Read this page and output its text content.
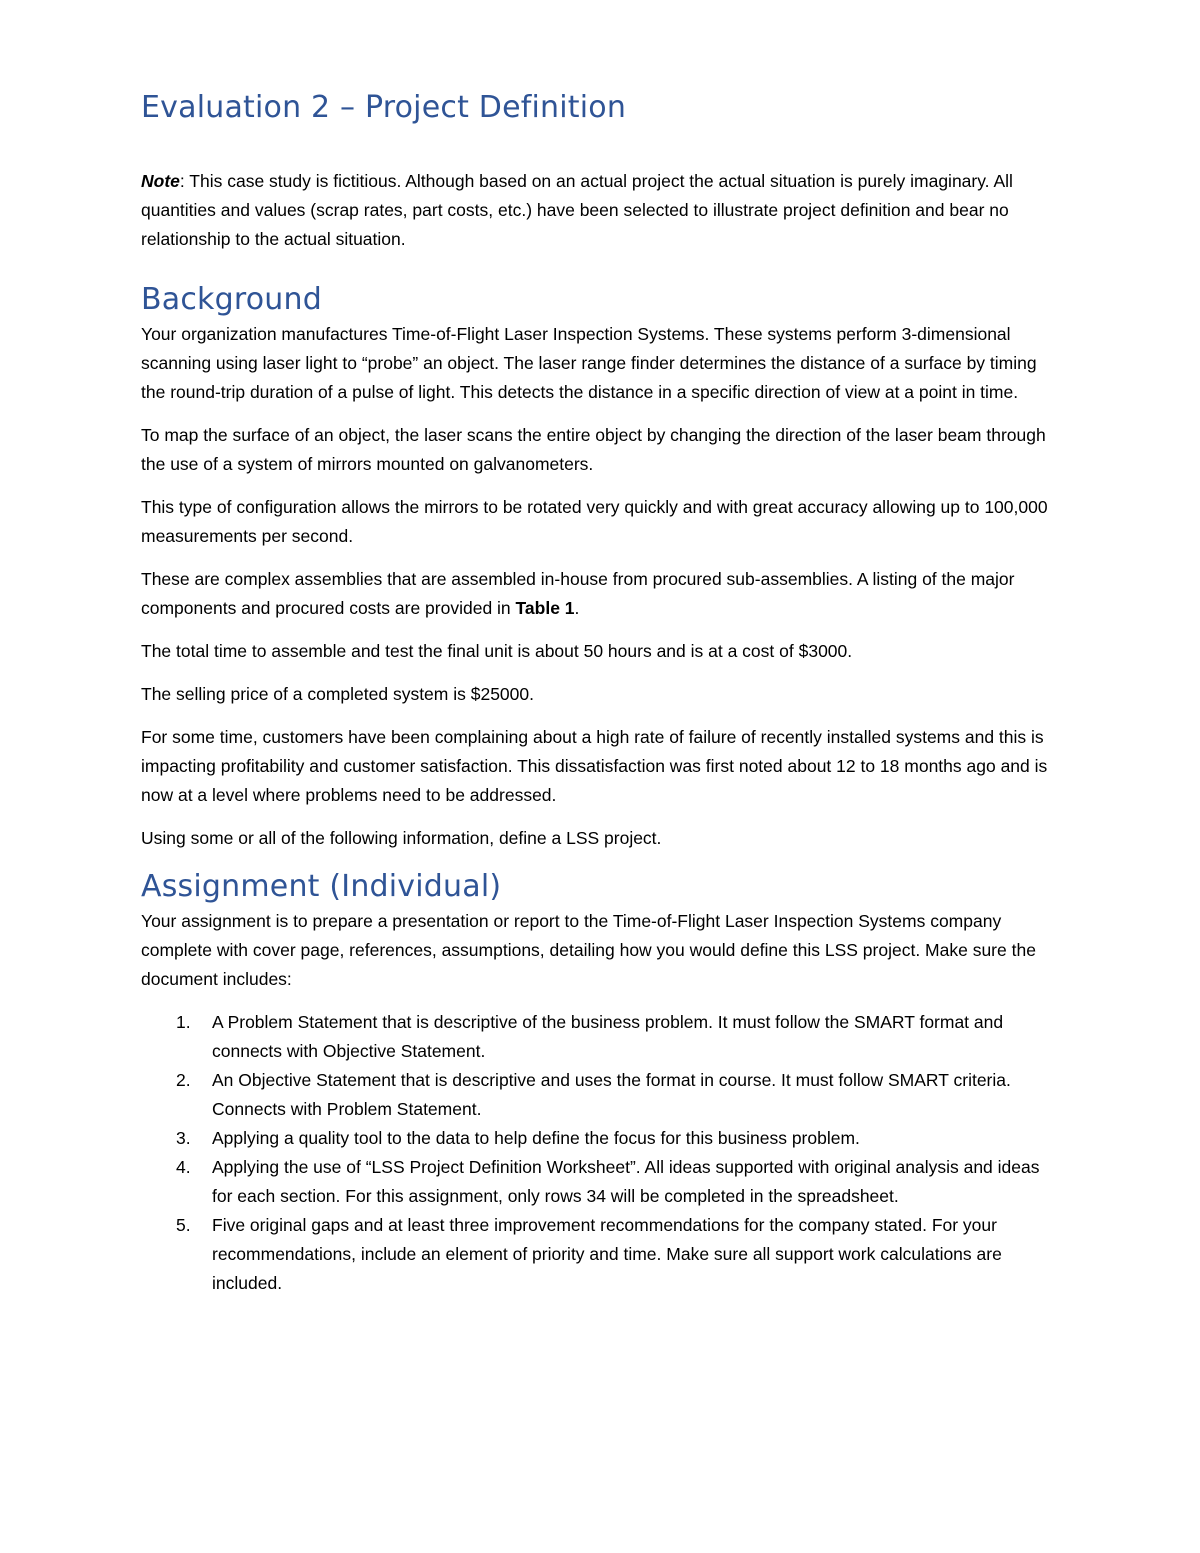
Evaluation 2 – Project Definition

Note: This case study is fictitious. Although based on an actual project the actual situation is purely imaginary. All quantities and values (scrap rates, part costs, etc.) have been selected to illustrate project definition and bear no relationship to the actual situation.

Background

Your organization manufactures Time-of-Flight Laser Inspection Systems. These systems perform 3-dimensional scanning using laser light to “probe” an object. The laser range finder determines the distance of a surface by timing the round-trip duration of a pulse of light. This detects the distance in a specific direction of view at a point in time.

To map the surface of an object, the laser scans the entire object by changing the direction of the laser beam through the use of a system of mirrors mounted on galvanometers.

This type of configuration allows the mirrors to be rotated very quickly and with great accuracy allowing up to 100,000 measurements per second.

These are complex assemblies that are assembled in-house from procured sub-assemblies. A listing of the major components and procured costs are provided in Table 1.

The total time to assemble and test the final unit is about 50 hours and is at a cost of $3000.

The selling price of a completed system is $25000.

For some time, customers have been complaining about a high rate of failure of recently installed systems and this is impacting profitability and customer satisfaction. This dissatisfaction was first noted about 12 to 18 months ago and is now at a level where problems need to be addressed.

Using some or all of the following information, define a LSS project.

Assignment (Individual)

Your assignment is to prepare a presentation or report to the Time-of-Flight Laser Inspection Systems company complete with cover page, references, assumptions, detailing how you would define this LSS project. Make sure the document includes:

1. A Problem Statement that is descriptive of the business problem. It must follow the SMART format and connects with Objective Statement.
2. An Objective Statement that is descriptive and uses the format in course. It must follow SMART criteria. Connects with Problem Statement.
3. Applying a quality tool to the data to help define the focus for this business problem.
4. Applying the use of “LSS Project Definition Worksheet”. All ideas supported with original analysis and ideas for each section. For this assignment, only rows 34 will be completed in the spreadsheet.
5. Five original gaps and at least three improvement recommendations for the company stated. For your recommendations, include an element of priority and time. Make sure all support work calculations are included.
